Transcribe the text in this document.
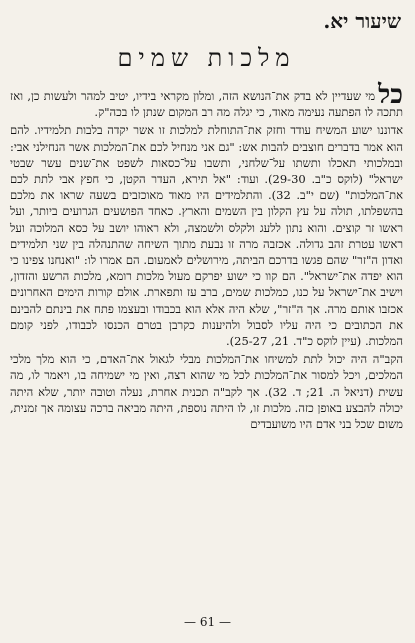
שיעור יא.
מלכות שמים

כלמי שעדיין לא בדק את־הנושא הזה, ומלון מקראי בידיו, יטיב למהר ולעשות כן, ואז תתכה לו הפתעה נעימה מאוד, כי יגלה מה רב המקום שנתן לו בכה"ק.

אדוננו ישוע המשיח עודד וחזק את־התוחלת למלכות זו אשר יקדה בלבות תלמידיו. להם הוא אמר בדברים חוצבים להבות אש: "גם אני מנחיל לכם את־המלכות אשר הנחילני אבי: ובמלכותי תאכלו ותשתו על־שלחני, ותשבו על־כסאות לשפט את־שנים עשר שבטי ישראל" (לוקס כ"ב. 29-30). ועוד: "אל תירא, העדר הקטן, כי חפץ אבי לתת לכם את־המלכות" (שם י"ב. 32). והתלמידים היו מאוד מאוכזבים בשעה שראו את מלכם בהשפלתו, תולה על עץ הקלון בין השמים והארץ. כאחד הפושעים הגרועים ביותר, ועל ראשו זר קוצים. והוא נתון ללעג ולקלס ולשמצה, ולא ראוהו יושב על כסא המלוכה ועל ראשו עטרת זהב גדולה. אכזבה מרה זו נבעת מתוך השיחה שהתנהלה בין שני תלמידים ואדון ה"זר" שהם פגשו בדרכם הביתה, מירושלים לאמעום. הם אמרו לו: "ואנחנו צפינו כי הוא יפדה את־ישראל". הם קוו כי ישוע יפרקם מעול מלכות רומא, מלכות הרשע והזדון, וישיב את־ישראל על כנו, כמלכות שמים, ברב עז ותפארת. אולם קורות הימים האחרונים אכזבו אותם מרה. אך ה"זר", שלא היה אלא הוא בכבודו ובעצמו פתח את בינתם להבינם את הכתובים כי היה עליו לסבול ולהיענות כקרבן בטרם הכנסו לכבודו, לפני קומם המלכות. (עיין לוקס כ"ד. 21, 25-27).

הקב"ה היה יכול לתת למשיחו את־המלכות מבלי לגאול את־האדם, כי הוא מלך מלכי המלכים, ויכל למסור את־המלכות לכל מי שהוא רצה, ואין מי ישמיחה בו, ויאמר לו, מה עשית (דניאל ה. 21; ד. 32). אך לקב"ה תכנית אחרת, נעלה וטובה יותר, שלא היתה יכולה להבצע באופן כזה. מלכות זו, לו היתה נוספת, היתה מביאה ברכה עצומה אך זמנית, משום שכל בני אדם היו משועבדים

— 61 —
